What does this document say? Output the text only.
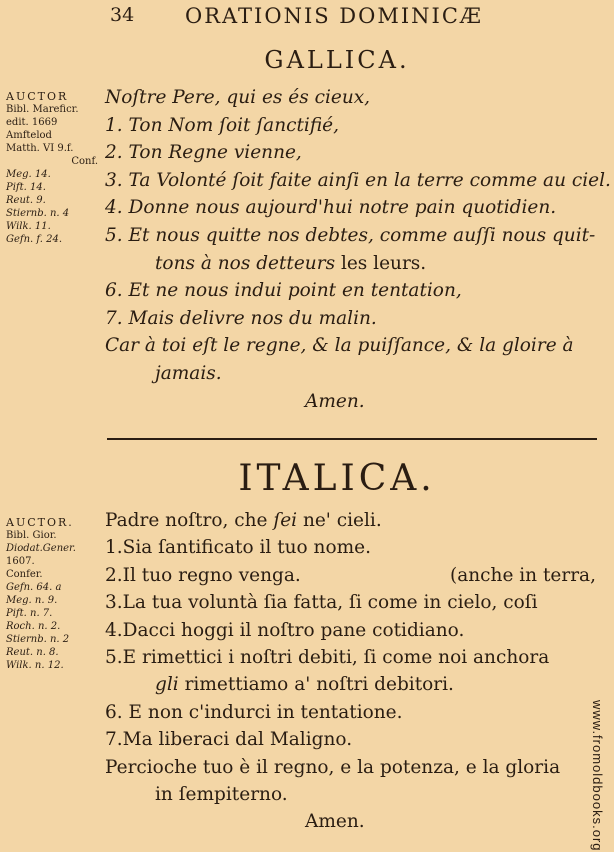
34 ORATIONIS DOMINICÆ
GALLICA.
AUCTOR
Bibl. Mareficr.
edit. 1669
Amftelod
Matth. VI 9.f.
Conf.
Meg. 14.
Pift. 14.
Reut. 9.
Stiernb. n. 4
Wilk. 11.
Gefn. f. 24.
Noſtre Pere, qui es és cieux,
1. Ton Nom ſoit ſanctifié,
2. Ton Regne vienne,
3. Ta Volonté ſoit faite ainſi en la terre comme au ciel.
4. Donne nous aujourd'hui notre pain quotidien.
5. Et nous quitte nos debtes, comme auſſi nous quit-
tons à nos detteurs les leurs.
6. Et ne nous indui point en tentation,
7. Mais delivre nos du malin.
Car à toi eſt le regne, & la puiſſance, & la gloire à
jamais.
Amen.
ITALICA.
AUCTOR.
Bibl. Gior.
Diodat.Gener.
1607.
Confer.
Gefn. 64. a
Meg. n. 9.
Pift. n. 7.
Roch. n. 2.
Stiernb. n. 2
Reut. n. 8.
Wilk. n. 12.
Padre noſtro, che ſei ne' cieli.
1.Sia ſantificato il tuo nome.
2.Il tuo regno venga.	(anche in terra,
3.La tua voluntà ſia fatta, ſi come in cielo, coſi
4.Dacci hoggi il noſtro pane cotidiano.
5.E rimettici i noſtri debiti, ſi come noi anchora
gli rimettiamo a' noſtri debitori.
6. E non c'indurci in tentatione.
7.Ma liberaci dal Maligno.
Percioche tuo è il regno, e la potenza, e la gloria
in ſempiterno.
Amen.	www.fromoldbooks.org
